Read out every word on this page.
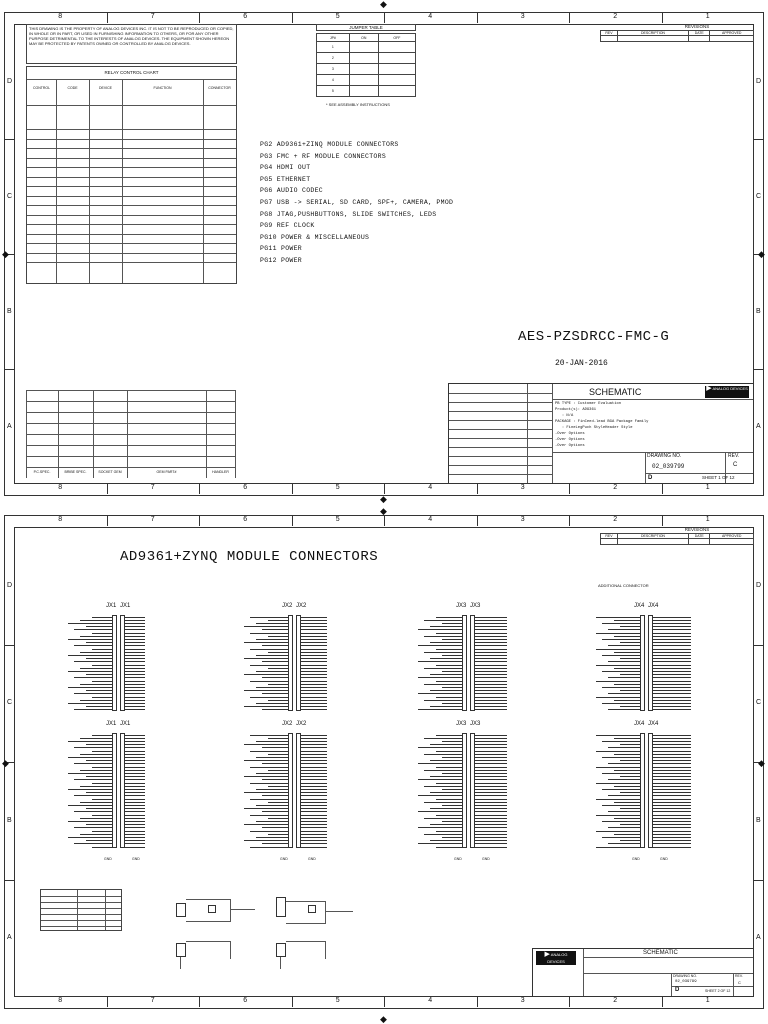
8	7	6	5	4	3	2	1
8	7	6	5	4	3	2	1
D
C
B
A
D
C
B
A
◆
◆
◆	◆
THIS DRAWING IS THE PROPERTY OF ANALOG DEVICES INC. IT IS NOT TO BE REPRODUCED OR COPIED, IN WHOLE OR IN PART, OR USED IN FURNISHING INFORMATION TO OTHERS, OR FOR ANY OTHER PURPOSE DETRIMENTAL TO THE INTERESTS OF ANALOG DEVICES. THE EQUIPMENT SHOWN HEREON MAY BE PROTECTED BY PATENTS OWNED OR CONTROLLED BY ANALOG DEVICES.
RELAY CONTROL CHART
CONTROL	CODE	DEVICE	FUNCTION	CONNECTOR
JUMPER TABLE
JP#	ON	OFF
1		
2		
3		
4		
5		
* SEE ASSEMBLY INSTRUCTIONS
REVISIONS
REV	DESCRIPTION	DATE	APPROVED

PG2 AD9361+ZINQ MODULE CONNECTORS
PG3 FMC + RF MODULE CONNECTORS
PG4 HDMI OUT
PG5 ETHERNET
PG6 AUDIO CODEC
PG7 USB -> SERIAL, SD CARD, SPF+, CAMERA, PMOD
PG8 JTAG,PUSHBUTTONS, SLIDE SWITCHES, LEDS
PG9 REF CLOCK
PG10 POWER & MISCELLANEOUS
PG11 POWER
PG12 POWER
AES-PZSDRCC-FMC-G
20-JAN-2016
P.C.SPEC.	BRIBE SPEC.	SOCKET GEM	OEM PART#	HANDLER
SCHEMATIC	▶ ANALOG DEVICES
PB TYPE : Customer Evaluation
Product(s): AD9361
: N/A
PACKAGE : FinCeed-lead BGA Package Family
: FineLegPuch StyleHeader Style
-Over Options
-Over Options
-Over Options
DRAWING NO.
02_039799
REV.
C
D	SHEET 1 OF 12
8	7	6	5	4	3	2	1
8	7	6	5	4	3	2	1
D
C
B
A
D
C
B
A
◆
◆
◆	◆
REVISIONS
REV	DESCRIPTION	DATE	APPROVED

AD9361+ZYNQ MODULE CONNECTORS
ADDITIONAL CONNECTOR
JX1 JX1
JX1 JX1
GND	GND
JX2 JX2
JX2 JX2
GND	GND
JX3 JX3
JX3 JX3
GND	GND
JX4 JX4
JX4 JX4
GND	GND
▶ ANALOG DEVICES
SCHEMATIC
DRAWING NO.
02_039799
REV.
C
D	SHEET 2 OF 12
